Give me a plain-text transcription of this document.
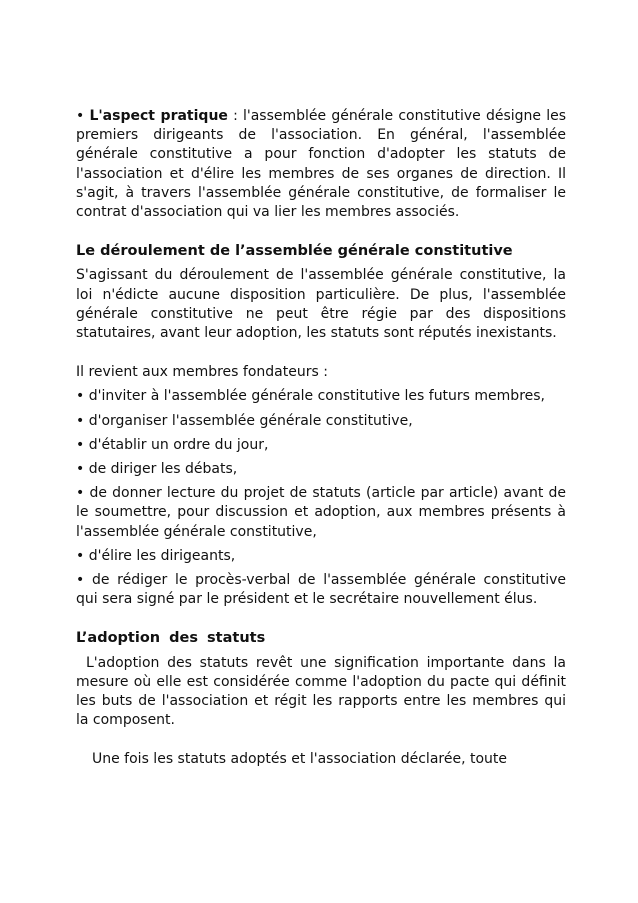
• L'aspect pratique : l'assemblée générale constitutive désigne les premiers dirigeants de l'association. En général, l'assemblée générale constitutive a pour fonction d'adopter les statuts de l'association et d'élire les membres de ses organes de direction. Il s'agit, à travers l'assemblée générale constitutive, de formaliser le contrat d'association qui va lier les membres associés.

Le déroulement de l’assemblée générale constitutive

S'agissant du déroulement de l'assemblée générale constitutive, la loi n'édicte aucune disposition particulière. De plus, l'assemblée générale constitutive ne peut être régie par des dispositions statutaires, avant leur adoption, les statuts sont réputés inexistants.

Il revient aux membres fondateurs :

• d'inviter à l'assemblée générale constitutive les futurs membres,

• d'organiser l'assemblée générale constitutive,

• d'établir un ordre du jour,

• de diriger les débats,

• de donner lecture du projet de statuts (article par article) avant de le soumettre, pour discussion et adoption, aux membres présents à l'assemblée générale constitutive,

• d'élire les dirigeants,

• de rédiger le procès-verbal de l'assemblée générale constitutive qui sera signé par le président et le secrétaire nouvellement élus.

L’adoption des statuts

L'adoption des statuts revêt une signification importante dans la mesure où elle est considérée comme l'adoption du pacte qui définit les buts de l'association et régit les rapports entre les membres qui la composent.

Une fois les statuts adoptés et l'association déclarée, toute
